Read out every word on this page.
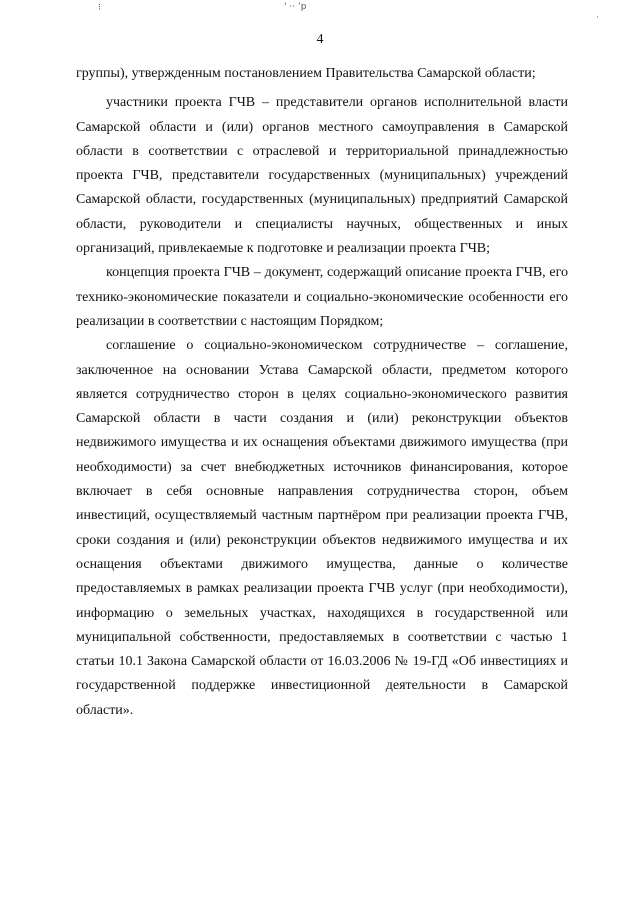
⁝	' ·· ʼp
·
4

группы), утвержденным постановлением Правительства Самарской области;

участники проекта ГЧВ – представители органов исполнительной власти Самарской области и (или) органов местного самоуправления в Самарской области в соответствии с отраслевой и территориальной принадлежностью проекта ГЧВ, представители государственных (муниципальных) учреждений Самарской области, государственных (муниципальных) предприятий Самарской области, руководители и специалисты научных, общественных и иных организаций, привлекаемые к подготовке и реализации проекта ГЧВ;

концепция проекта ГЧВ – документ, содержащий описание проекта ГЧВ, его технико-экономические показатели и социально-экономические особенности его реализации в соответствии с настоящим Порядком;

соглашение о социально-экономическом сотрудничестве – соглашение, заключенное на основании Устава Самарской области, предметом которого является сотрудничество сторон в целях социально-экономического развития Самарской области в части создания и (или) реконструкции объектов недвижимого имущества и их оснащения объектами движимого имущества (при необходимости) за счет внебюджетных источников финансирования, которое включает в себя основные направления сотрудничества сторон, объем инвестиций, осуществляемый частным партнёром при реализации проекта ГЧВ, сроки создания и (или) реконструкции объектов недвижимого имущества и их оснащения объектами движимого имущества, данные о количестве предоставляемых в рамках реализации проекта ГЧВ услуг (при необходимости), информацию о земельных участках, находящихся в государственной или муниципальной собственности, предоставляемых в соответствии с частью 1 статьи 10.1 Закона Самарской области от 16.03.2006 № 19-ГД «Об инвестициях и государственной поддержке инвестиционной деятельности в Самарской области».
